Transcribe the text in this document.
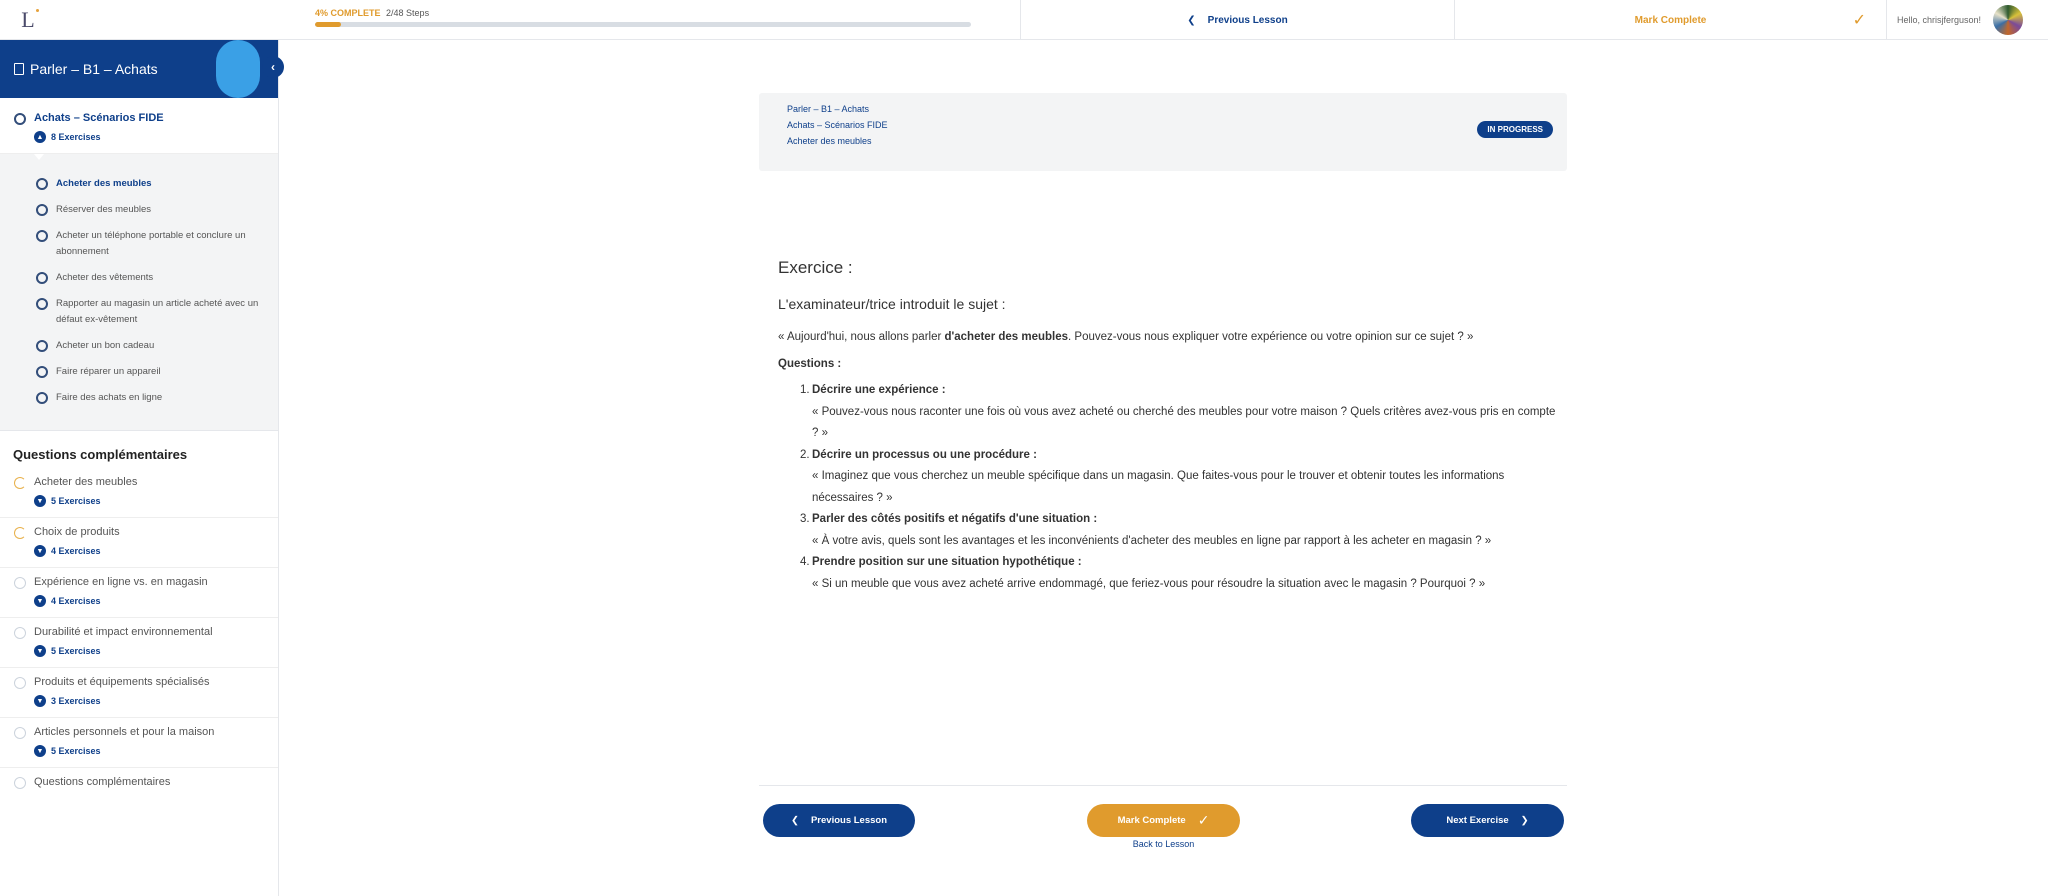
L	4% COMPLETE 2/48 Steps
❮ Previous Lesson	Mark Complete	✓	Hello, chrisjferguson!
Parler – B1 – Achats
Achats – Scénarios FIDE
▲ 8 Exercises
Acheter des meubles
Réserver des meubles
Acheter un téléphone portable et conclure un abonnement
Acheter des vêtements
Rapporter au magasin un article acheté avec un défaut ex-vêtement
Acheter un bon cadeau
Faire réparer un appareil
Faire des achats en ligne
Questions complémentaires
Acheter des meubles
▼ 5 Exercises
Choix de produits
▼ 4 Exercises
Expérience en ligne vs. en magasin
▼ 4 Exercises
Durabilité et impact environnemental
▼ 5 Exercises
Produits et équipements spécialisés
▼ 3 Exercises
Articles personnels et pour la maison
▼ 5 Exercises
Questions complémentaires
‹
Parler – B1 – Achats
Achats – Scénarios FIDE
Acheter des meubles
IN PROGRESS
Exercice :
L'examinateur/trice introduit le sujet :
« Aujourd'hui, nous allons parler d'acheter des meubles. Pouvez-vous nous expliquer votre expérience ou votre opinion sur ce sujet ? »
Questions :
1. Décrire une expérience :
« Pouvez-vous nous raconter une fois où vous avez acheté ou cherché des meubles pour votre maison ? Quels critères avez-vous pris en compte ? »
2. Décrire un processus ou une procédure :
« Imaginez que vous cherchez un meuble spécifique dans un magasin. Que faites-vous pour le trouver et obtenir toutes les informations nécessaires ? »
3. Parler des côtés positifs et négatifs d'une situation :
« À votre avis, quels sont les avantages et les inconvénients d'acheter des meubles en ligne par rapport à les acheter en magasin ? »
4. Prendre position sur une situation hypothétique :
« Si un meuble que vous avez acheté arrive endommagé, que feriez-vous pour résoudre la situation avec le magasin ? Pourquoi ? »
❮ Previous Lesson	Mark Complete ✓	Next Exercise ❯
Back to Lesson
